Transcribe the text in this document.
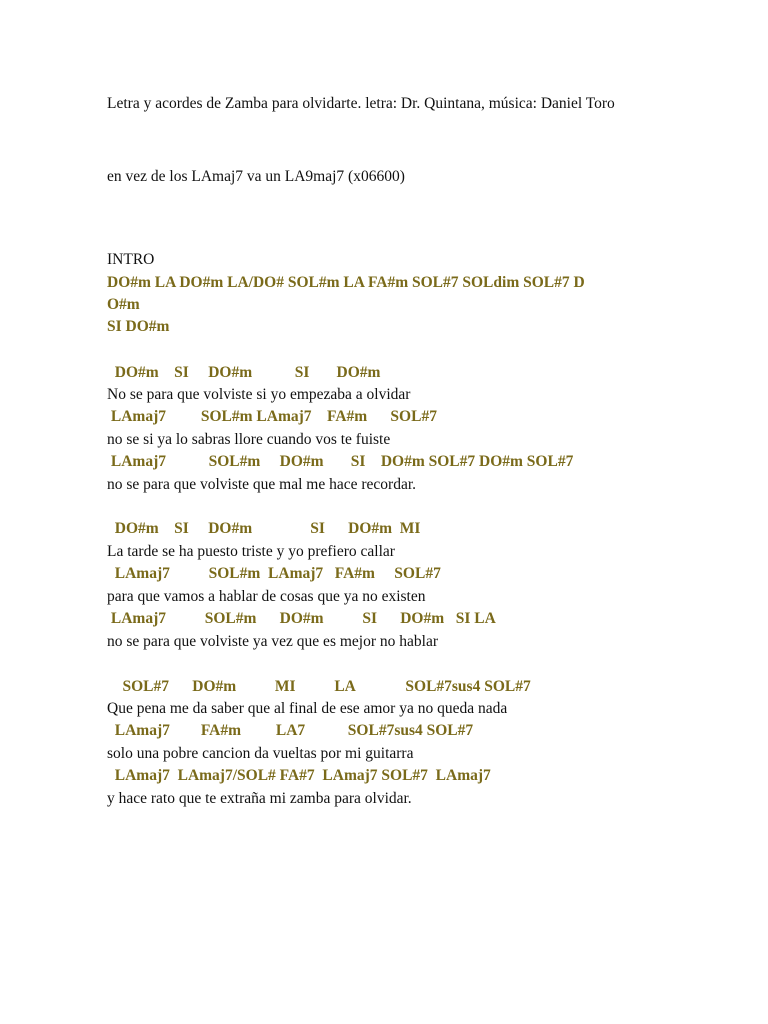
Letra y acordes de Zamba para olvidarte. letra: Dr. Quintana, música: Daniel Toro
en vez de los LAmaj7 va un LA9maj7 (x06600)
INTRO
DO#m LA DO#m LA/DO# SOL#m LA FA#m SOL#7 SOLdim SOL#7 D
O#m
SI DO#m
DO#m    SI     DO#m           SI       DO#m
No se para que volviste si yo empezaba a olvidar
LAmaj7         SOL#m LAmaj7    FA#m      SOL#7
no se si ya lo sabras llore cuando vos te fuiste
LAmaj7           SOL#m     DO#m       SI    DO#m SOL#7 DO#m SOL#7
no se para que volviste que mal me hace recordar.
DO#m    SI     DO#m               SI      DO#m  MI
La tarde se ha puesto triste y yo prefiero callar
LAmaj7          SOL#m  LAmaj7   FA#m     SOL#7
para que vamos a hablar de cosas que ya no existen
LAmaj7          SOL#m      DO#m          SI      DO#m   SI LA
no se para que volviste ya vez que es mejor no hablar
SOL#7      DO#m          MI          LA             SOL#7sus4 SOL#7
Que pena me da saber que al final de ese amor ya no queda nada
LAmaj7        FA#m         LA7           SOL#7sus4 SOL#7
solo una pobre cancion da vueltas por mi guitarra
LAmaj7  LAmaj7/SOL# FA#7  LAmaj7 SOL#7  LAmaj7
y hace rato que te extraña mi zamba para olvidar.
